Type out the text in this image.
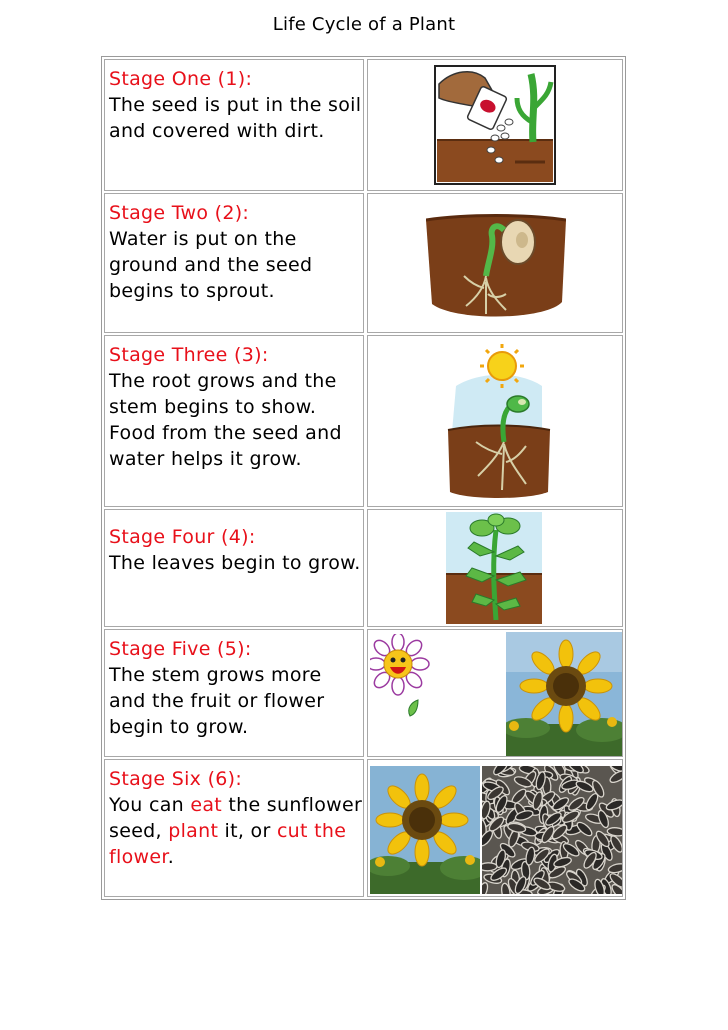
Life Cycle of a Plant
Stage One (1):
The seed is put in the soil and covered with dirt.
Stage Two (2):
Water is put on the ground and the seed begins to sprout.
Stage Three (3):
The root grows and the stem begins to show. Food from the seed and water helps it grow.
Stage Four (4):
The leaves begin to grow.
Stage Five (5):
The stem grows more and the fruit or flower begin to grow.
Stage Six (6):
You can eat the sunflower seed, plant it, or cut the flower.
